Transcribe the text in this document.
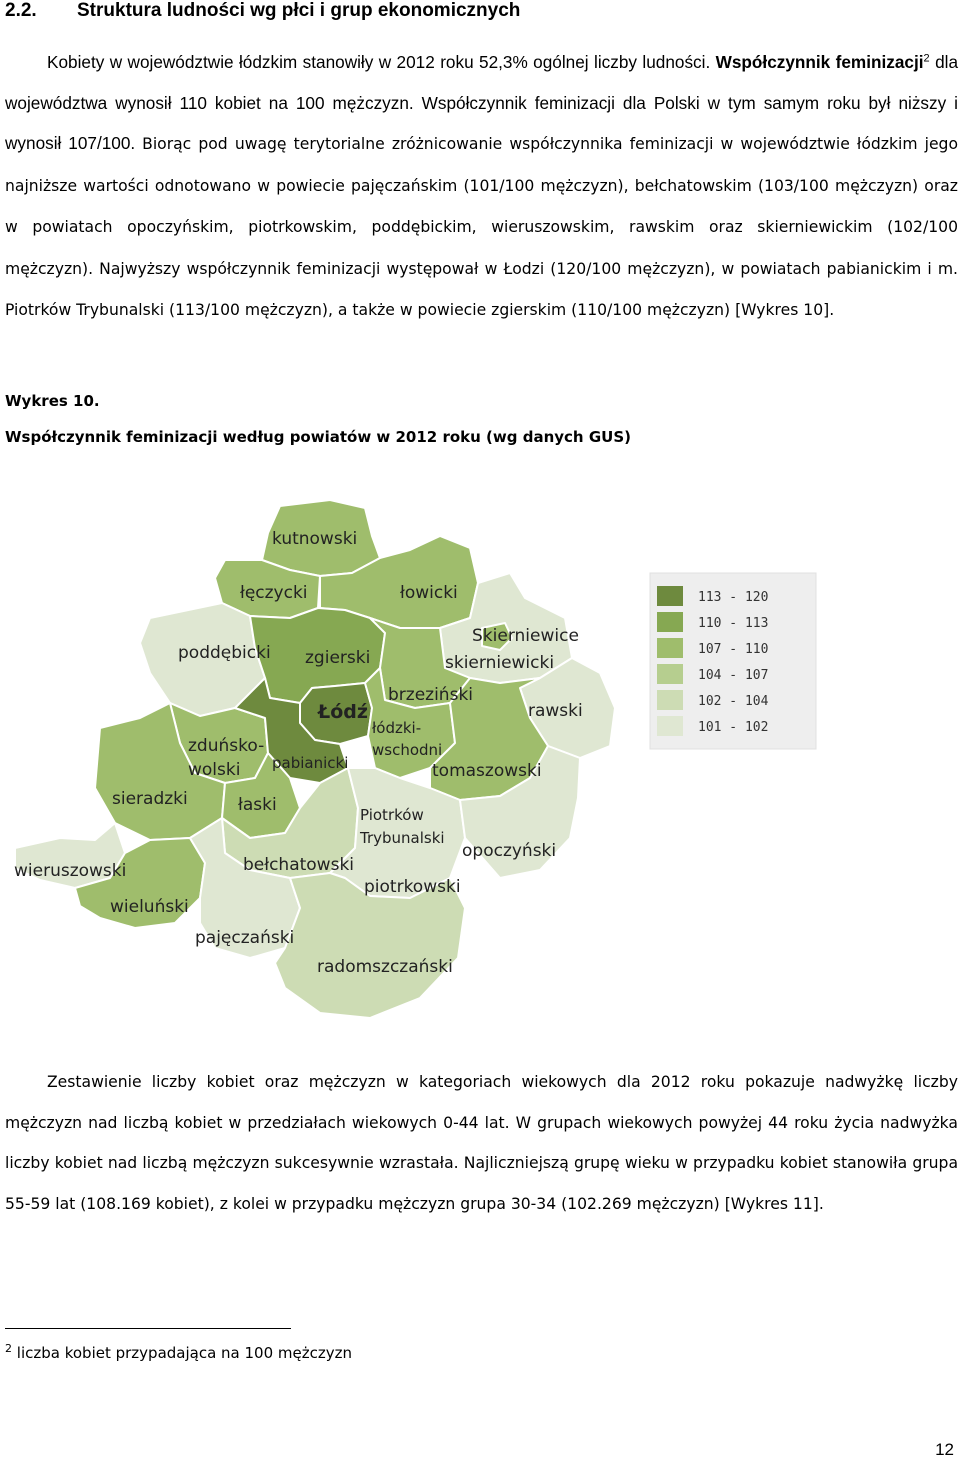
2.2. Struktura ludności wg płci i grup ekonomicznych
Kobiety w województwie łódzkim stanowiły w 2012 roku 52,3% ogólnej liczby ludności. Współczynnik feminizacji$^2$ dla województwa wynosił 110 kobiet na 100 mężczyzn. Współczynnik feminizacji dla Polski w tym samym roku był niższy i wynosił 107/100. Biorąc pod uwagę terytorialne zróżnicowanie współczynnika feminizacji w województwie łódzkim jego najniższe wartości odnotowano w powiecie pajęczańskim (101/100 mężczyzn), bełchatowskim (103/100 mężczyzn) oraz w powiatach opoczyńskim, piotrkowskim, poddębickim, wieruszowskim, rawskim oraz skierniewickim (102/100 mężczyzn). Najwyższy współczynnik feminizacji występował w Łodzi (120/100 mężczyzn), w powiatach pabianickim i m. Piotrków Trybunalski (113/100 mężczyzn), a także w powiecie zgierskim (110/100 mężczyzn) [Wykres 10].
Wykres 10.
Współczynnik feminizacji według powiatów w 2012 roku (wg danych GUS)
kutnowski
łęczycki	łowicki
Skierniewice
skierniewicki
poddębicki zgierski
brzeziński
rawski
Łódź
łódzki-
wschodni
zduńsko-
wolski pabianicki	tomaszowski
sieradzki	łaski	Piotrków
Trybunalski
wieruszowski	bełchatowski
opoczyński
piotrkowski
wieluński
pajęczański
radomszczański
113 - 120
110 - 113
107 - 110
104 - 107
102 - 104
101 - 102
Zestawienie liczby kobiet oraz mężczyzn w kategoriach wiekowych dla 2012 roku pokazuje nadwyżkę liczby mężczyzn nad liczbą kobiet w przedziałach wiekowych 0-44 lat. W grupach wiekowych powyżej 44 roku życia nadwyżka liczby kobiet nad liczbą mężczyzn sukcesywnie wzrastała. Najliczniejszą grupę wieku w przypadku kobiet stanowiła grupa 55-59 lat (108.169 kobiet), z kolei w przypadku mężczyzn grupa 30-34 (102.269 mężczyzn) [Wykres 11].
$^2$ liczba kobiet przypadająca na 100 mężczyzn
12
